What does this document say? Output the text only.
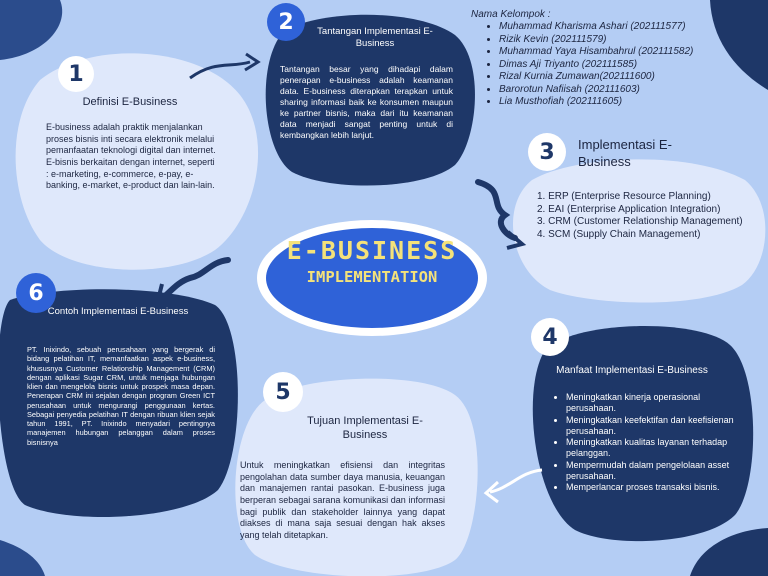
1
2
3
4
5
6
Definisi E-Business
E-business adalah praktik menjalankan proses bisnis inti secara elektronik melalui pemanfaatan teknologi digital dan internet.
E-bisnis berkaitan dengan internet, seperti : e-marketing, e-commerce, e-pay, e- banking, e-market, e-product dan lain-lain.
Tantangan Implementasi E-Business
Tantangan besar yang dihadapi dalam penerapan e-business adalah keamanan data. E-business diterapkan terapkan untuk sharing informasi baik ke konsumen maupun ke partner bisnis, maka dari itu keamanan data menjadi sangat penting untuk di kembangkan lebih lanjut.
Nama Kelompok :
• Muhammad Kharisma Ashari (202111577)
• Rizik Kevin (202111579)
• Muhammad Yaya Hisambahrul (202111582)
• Dimas Aji Triyanto (202111585)
• Rizal Kurnia Zumawan(202111600)
• Barorotun Nafiisah (202111603)
• Lia Musthofiah (202111605)
Implementasi E-Business
1. ERP (Enterprise Resource Planning)
2. EAI (Enterprise Application Integration)
3. CRM (Customer Relationship Management)
4. SCM (Supply Chain Management)
E-BUSINESS
IMPLEMENTATION
Manfaat Implementasi E-Business
• Meningkatkan kinerja operasional perusahaan.
• Meningkatkan keefektifan dan keefisienan perusahaan.
• Meningkatkan kualitas layanan terhadap pelanggan.
• Mempermudah dalam pengelolaan asset perusahaan.
• Memperlancar proses transaksi bisnis.
Tujuan Implementasi E-Business
Untuk meningkatkan efisiensi dan integritas pengolahan data sumber daya manusia, keuangan dan manajemen rantai pasokan. E-business juga berperan sebagai sarana komunikasi dan informasi bagi publik dan stakeholder lainnya yang dapat diakses di mana saja sesuai dengan hak akses yang telah ditetapkan.
Contoh Implementasi E-Business
PT. Inixindo, sebuah perusahaan yang bergerak di bidang pelatihan IT, memanfaatkan aspek e-business, khususnya Customer Relationship Management (CRM) dengan aplikasi Sugar CRM, untuk menjaga hubungan klien dan mengelola bisnis untuk prospek masa depan. Penerapan CRM ini sejalan dengan program Green ICT perusahaan untuk mengurangi penggunaan kertas. Sebagai penyedia pelatihan IT dengan ribuan klien sejak tahun 1991, PT. Inixindo menyadari pentingnya manajemen hubungan pelanggan dalam proses bisnisnya
